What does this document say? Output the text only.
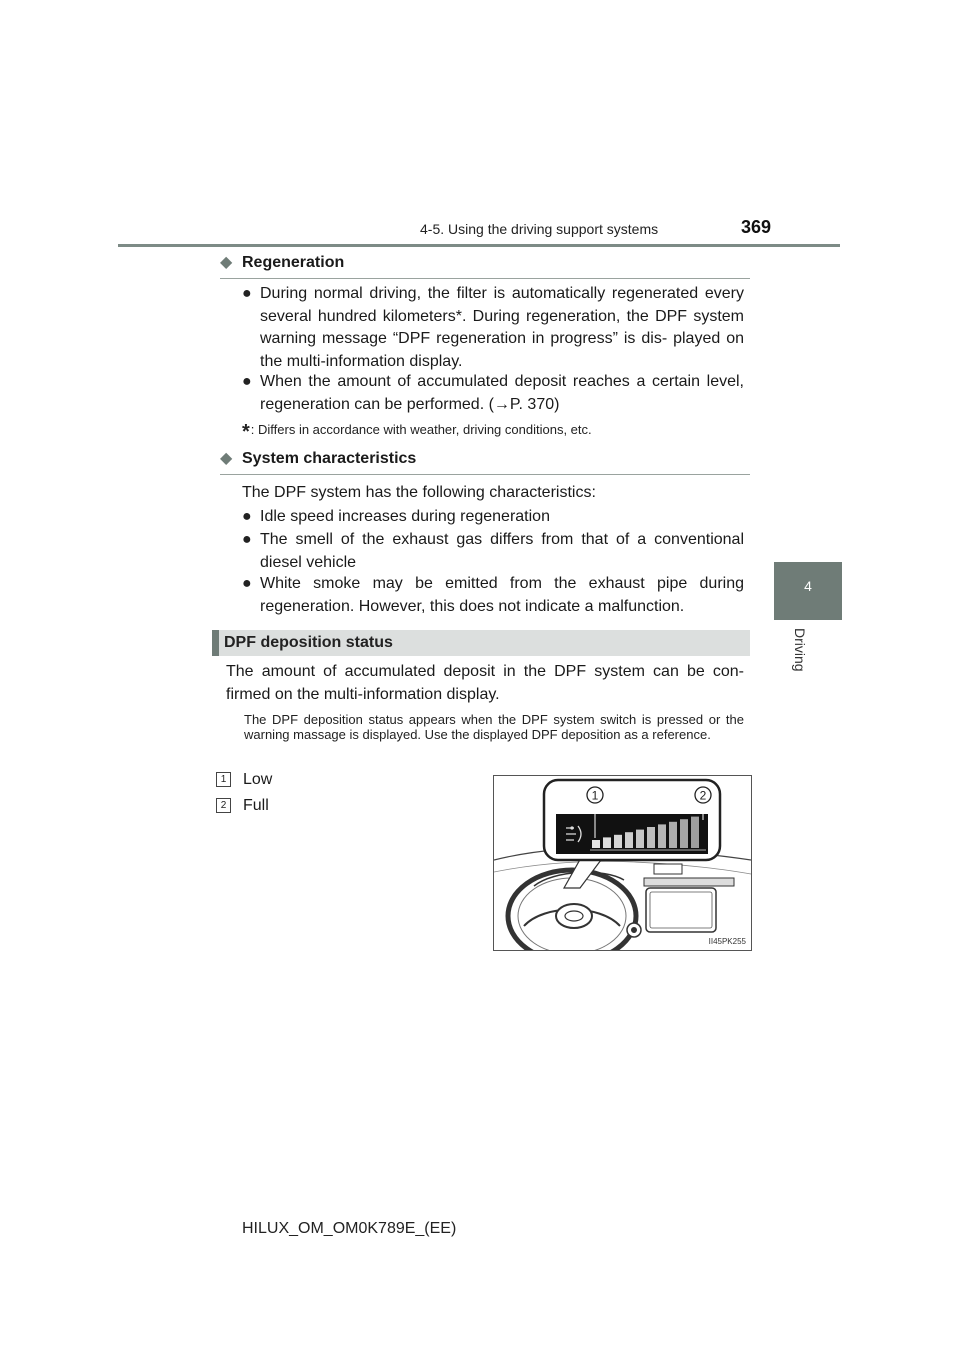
4-5. Using the driving support systems	369
4
Driving
◆ Regeneration
● During normal driving, the filter is automatically regenerated every several hundred kilometers*. During regeneration, the DPF system warning message “DPF regeneration in progress” is dis- played on the multi-information display.
● When the amount of accumulated deposit reaches a certain level, regeneration can be performed. (→P. 370)
*: Differs in accordance with weather, driving conditions, etc.
◆ System characteristics
The DPF system has the following characteristics:
● Idle speed increases during regeneration
● The smell of the exhaust gas differs from that of a conventional diesel vehicle
● White smoke may be emitted from the exhaust pipe during regeneration. However, this does not indicate a malfunction.
DPF deposition status
The amount of accumulated deposit in the DPF system can be con- firmed on the multi-information display.
The DPF deposition status appears when the DPF system switch is pressed or the warning massage is displayed. Use the displayed DPF deposition as a reference.
1 Low
2 Full
1	2
II45PK255
HILUX_OM_OM0K789E_(EE)
